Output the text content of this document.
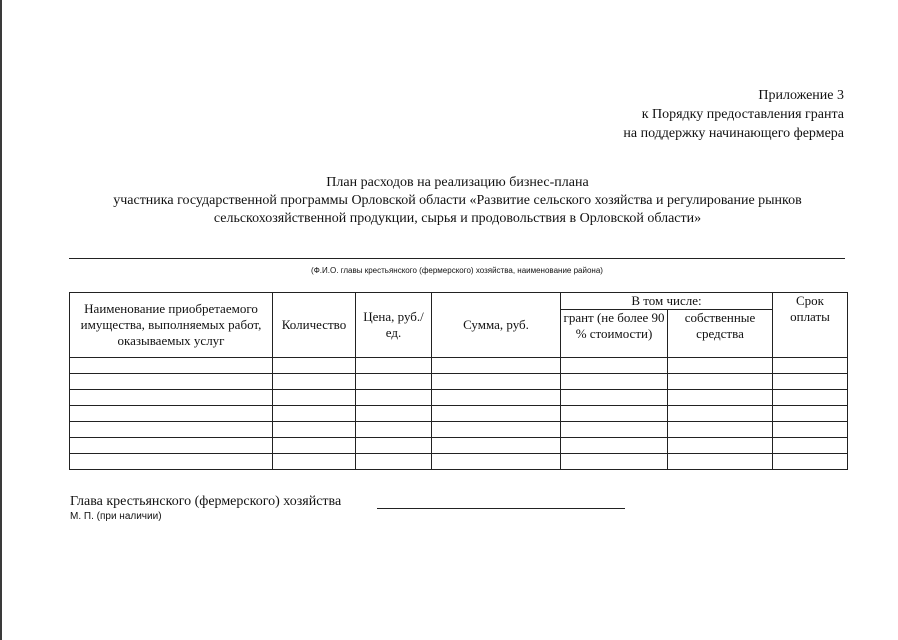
Приложение 3
к Порядку предоставления гранта
на поддержку начинающего фермера
План расходов на реализацию бизнес-плана
участника государственной программы Орловской области «Развитие сельского хозяйства и регулирование рынков
сельскохозяйственной продукции, сырья и продовольствия в Орловской области»
(Ф.И.О. главы крестьянского (фермерского) хозяйства, наименование района)
Наименование приобретаемого имущества, выполняемых работ, оказываемых услуг	Количество	Цена, руб./ед.	Сумма, руб.	В том числе:		Срок оплаты
				грант (не более 90 % стоимости)	собственные средства	

Глава крестьянского (фермерского) хозяйства
М. П. (при наличии)
